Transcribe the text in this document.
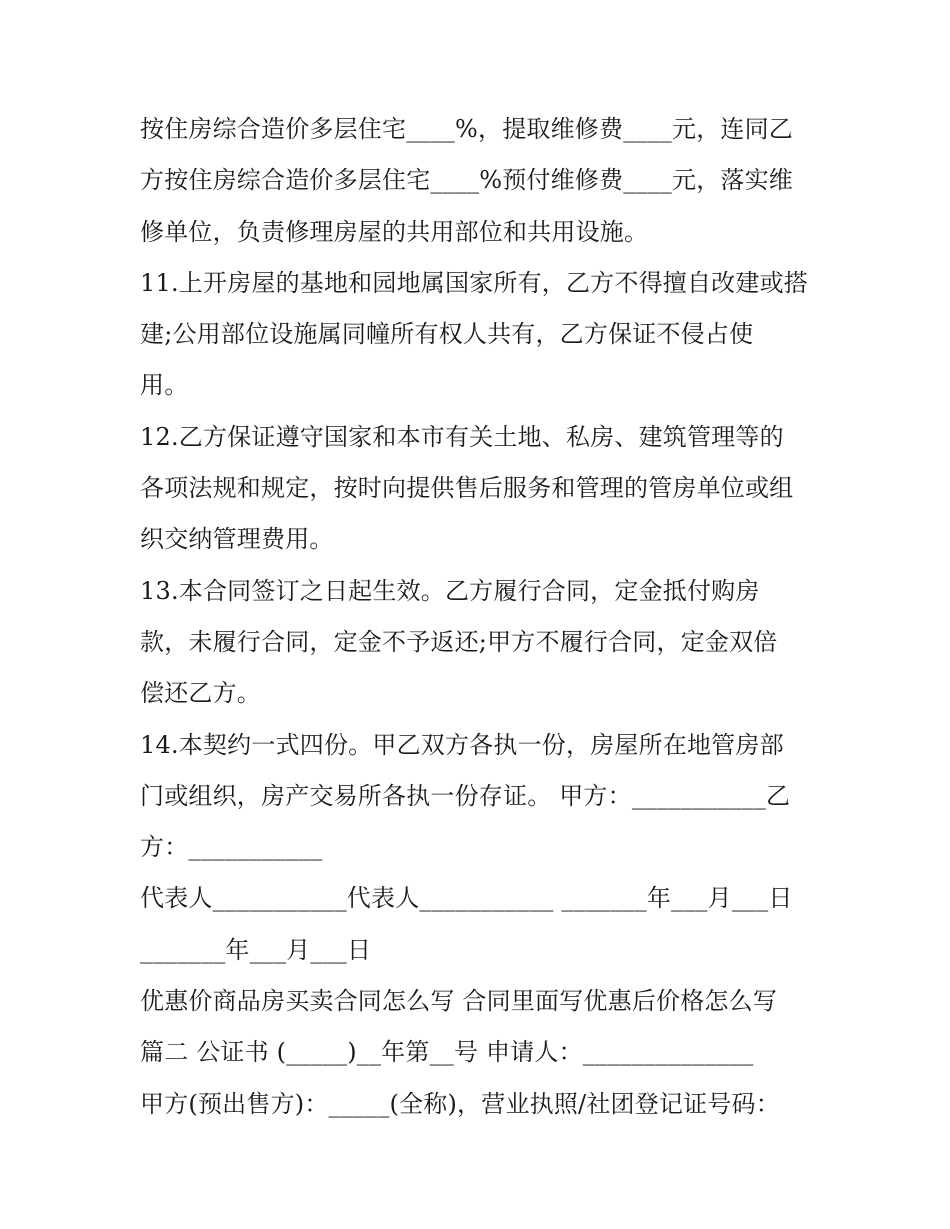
按住房综合造价多层住宅____%，提取维修费____元，连同乙
方按住房综合造价多层住宅____%预付维修费____元，落实维
修单位，负责修理房屋的共用部位和共用设施。
11.上开房屋的基地和园地属国家所有，乙方不得擅自改建或搭
建;公用部位设施属同幢所有权人共有，乙方保证不侵占使
用。
12.乙方保证遵守国家和本市有关土地、私房、建筑管理等的
各项法规和规定，按时向提供售后服务和管理的管房单位或组
织交纳管理费用。
13.本合同签订之日起生效。乙方履行合同，定金抵付购房
款，未履行合同，定金不予返还;甲方不履行合同，定金双倍
偿还乙方。
14.本契约一式四份。甲乙双方各执一份，房屋所在地管房部
门或组织，房产交易所各执一份存证。 甲方：___________乙
方：___________
代表人___________代表人___________ _______年___月___日
_______年___月___日
优惠价商品房买卖合同怎么写 合同里面写优惠后价格怎么写
篇二 公证书 (_____)__年第__号 申请人：______________
甲方(预出售方)：_____(全称)，营业执照/社团登记证号码：
